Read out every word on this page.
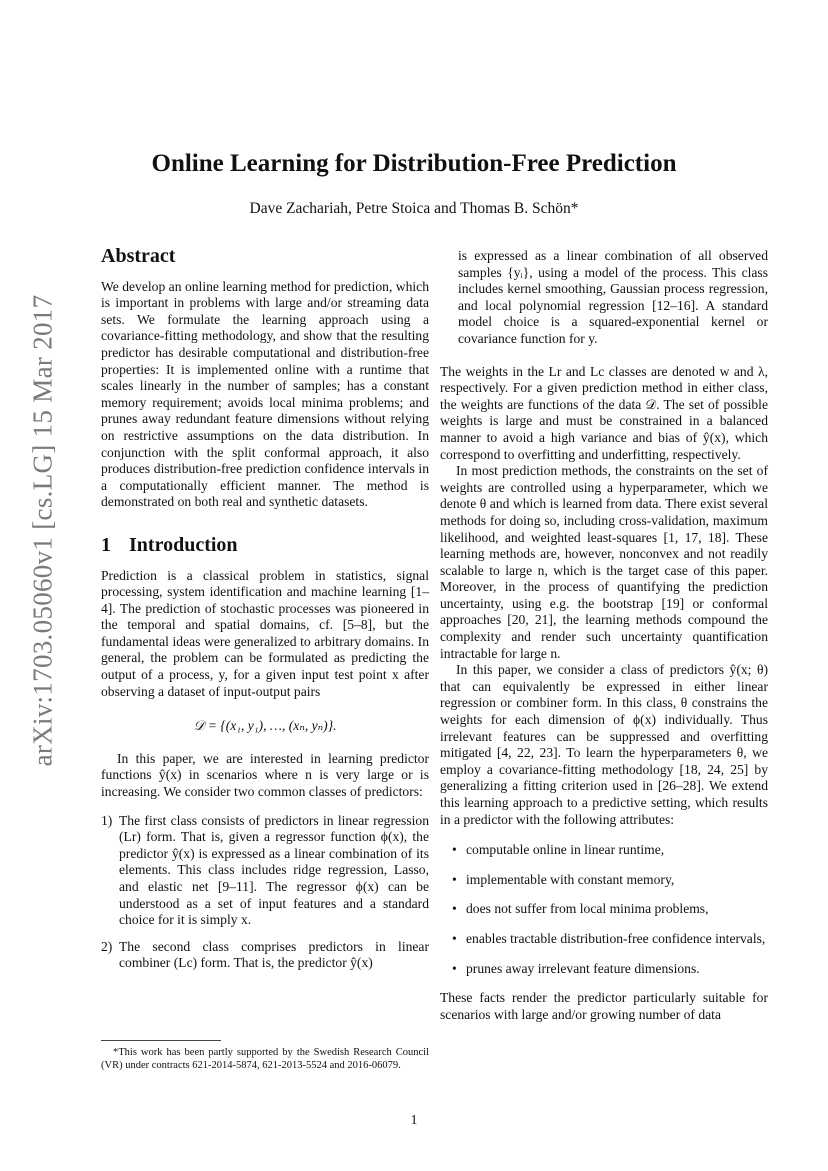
arXiv:1703.05060v1 [cs.LG] 15 Mar 2017
Online Learning for Distribution-Free Prediction
Dave Zachariah, Petre Stoica and Thomas B. Schön*
Abstract

We develop an online learning method for prediction, which is important in problems with large and/or streaming data sets. We formulate the learning approach using a covariance-fitting methodology, and show that the resulting predictor has desirable computational and distribution-free properties: It is implemented online with a runtime that scales linearly in the number of samples; has a constant memory requirement; avoids local minima problems; and prunes away redundant feature dimensions without relying on restrictive assumptions on the data distribution. In conjunction with the split conformal approach, it also produces distribution-free prediction confidence intervals in a computationally efficient manner. The method is demonstrated on both real and synthetic datasets.

1 Introduction

Prediction is a classical problem in statistics, signal processing, system identification and machine learning [1–4]. The prediction of stochastic processes was pioneered in the temporal and spatial domains, cf. [5–8], but the fundamental ideas were generalized to arbitrary domains. In general, the problem can be formulated as predicting the output of a process, y, for a given input test point x after observing a dataset of input-output pairs

𝒟 = {(x₁, y₁), …, (xₙ, yₙ)}.

In this paper, we are interested in learning predictor functions ŷ(x) in scenarios where n is very large or is increasing. We consider two common classes of predictors:

1) The first class consists of predictors in linear regression (Lr) form. That is, given a regressor function ϕ(x), the predictor ŷ(x) is expressed as a linear combination of its elements. This class includes ridge regression, Lasso, and elastic net [9–11]. The regressor ϕ(x) can be understood as a set of input features and a standard choice for it is simply x.
2) The second class comprises predictors in linear combiner (Lc) form. That is, the predictor ŷ(x)

is expressed as a linear combination of all observed samples {yᵢ}, using a model of the process. This class includes kernel smoothing, Gaussian process regression, and local polynomial regression [12–16]. A standard model choice is a squared-exponential kernel or covariance function for y.

The weights in the Lr and Lc classes are denoted w and λ, respectively. For a given prediction method in either class, the weights are functions of the data 𝒟. The set of possible weights is large and must be constrained in a balanced manner to avoid a high variance and bias of ŷ(x), which correspond to overfitting and underfitting, respectively.

In most prediction methods, the constraints on the set of weights are controlled using a hyperparameter, which we denote θ and which is learned from data. There exist several methods for doing so, including cross-validation, maximum likelihood, and weighted least-squares [1, 17, 18]. These learning methods are, however, nonconvex and not readily scalable to large n, which is the target case of this paper. Moreover, in the process of quantifying the prediction uncertainty, using e.g. the bootstrap [19] or conformal approaches [20, 21], the learning methods compound the complexity and render such uncertainty quantification intractable for large n.

In this paper, we consider a class of predictors ŷ(x; θ) that can equivalently be expressed in either linear regression or combiner form. In this class, θ constrains the weights for each dimension of ϕ(x) individually. Thus irrelevant features can be suppressed and overfitting mitigated [4, 22, 23]. To learn the hyperparameters θ, we employ a covariance-fitting methodology [18, 24, 25] by generalizing a fitting criterion used in [26–28]. We extend this learning approach to a predictive setting, which results in a predictor with the following attributes:

• computable online in linear runtime,
• implementable with constant memory,
• does not suffer from local minima problems,
• enables tractable distribution-free confidence intervals,
• prunes away irrelevant feature dimensions.

These facts render the predictor particularly suitable for scenarios with large and/or growing number of data

*This work has been partly supported by the Swedish Research Council (VR) under contracts 621-2014-5874, 621-2013-5524 and 2016-06079.

1
